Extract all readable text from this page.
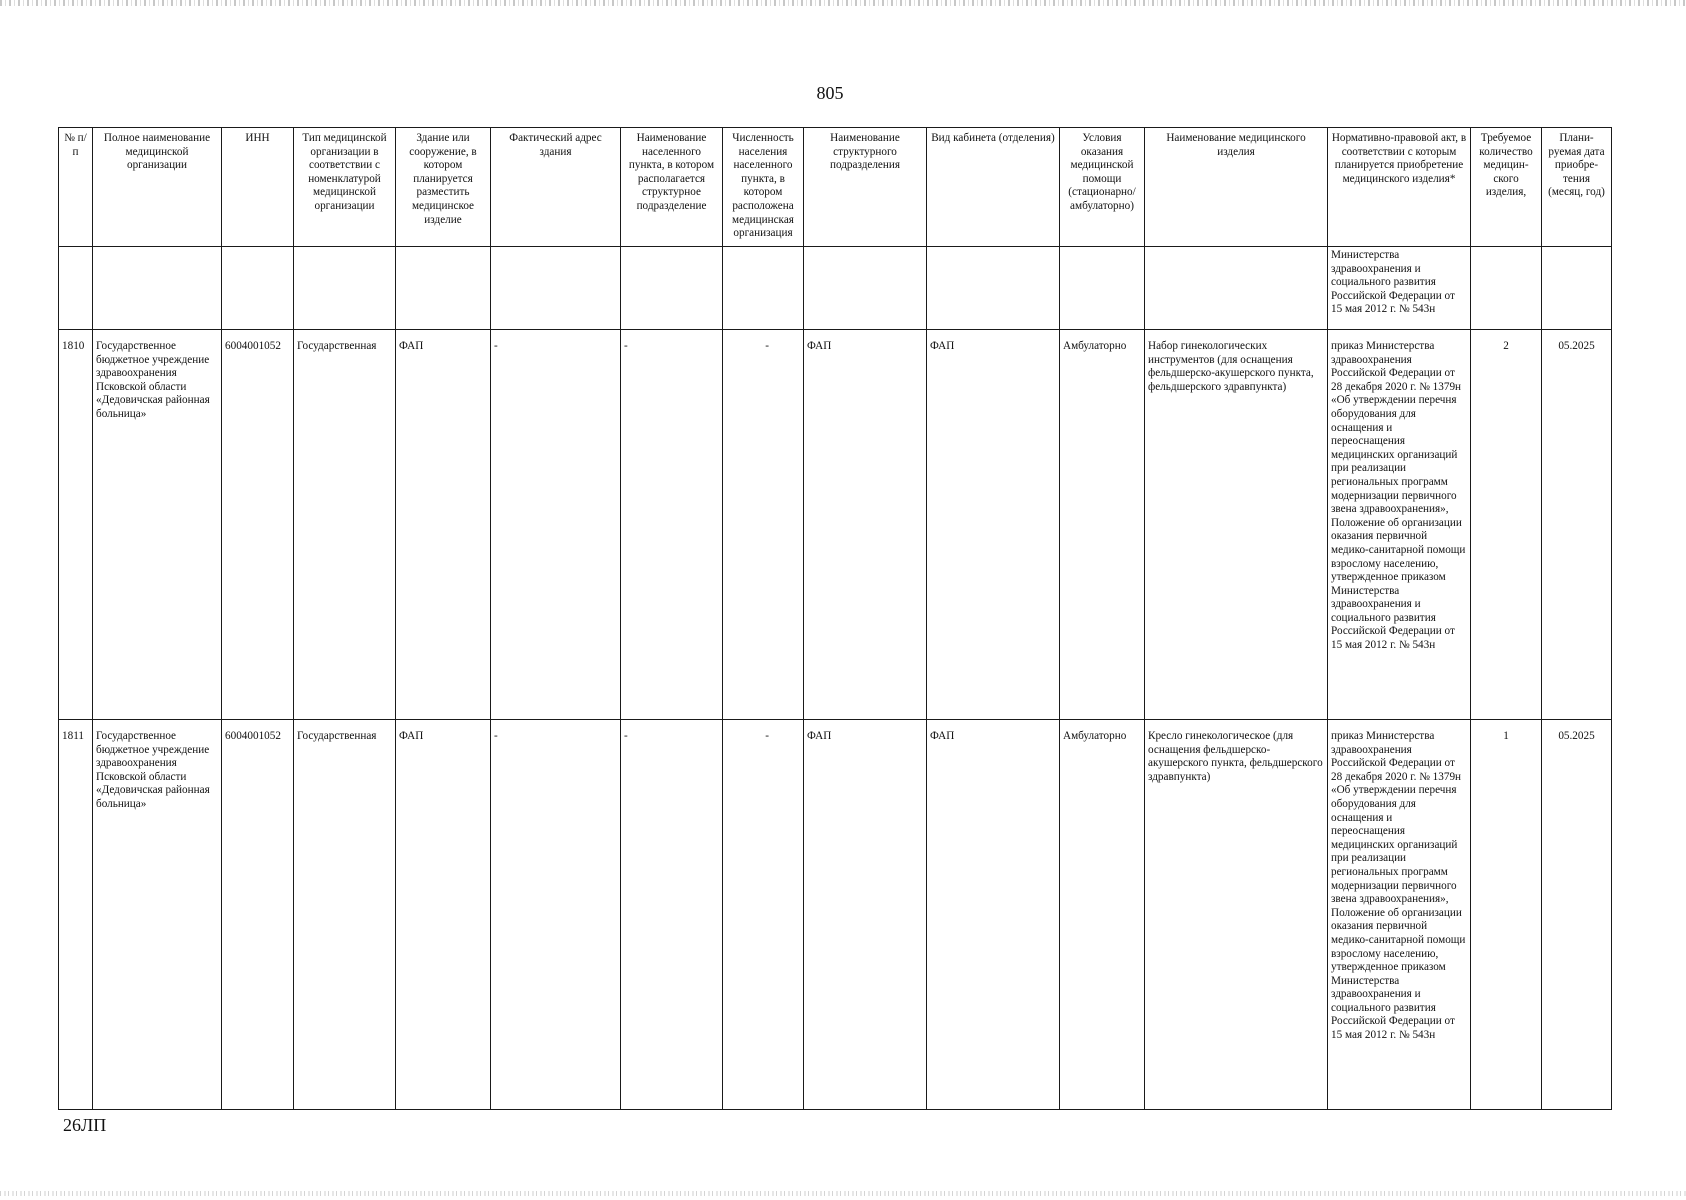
805
№ п/п	Полное наименование медицинской организации	ИНН	Тип медицинской организации в соответствии с номенклатурой медицинской организации	Здание или сооружение, в котором планируется разместить медицинское изделие	Фактический адрес здания	Наименование населенного пункта, в котором располагается структурное подразделение	Численность населения населенного пункта, в котором расположена медицинская организация	Наименование структурного подразделения	Вид кабинета (отделения)	Условия оказания медицинской помощи (стационарно/ амбулаторно)	Наименование медицинского изделия	Нормативно-правовой акт, в соответствии с которым планируется приобретение медицинского изделия*	Требуемое количество медицин-ского изделия,	Плани-руемая дата приобре-тения (месяц, год)
												Министерства здравоохранения и социального развития Российской Федерации от 15 мая 2012 г. № 543н		
1810	Государственное бюджетное учреждение здравоохранения Псковской области «Дедовичская районная больница»	6004001052	Государственная	ФАП	-	-	-	ФАП	ФАП	Амбулаторно	Набор гинекологических инструментов (для оснащения фельдшерско-акушерского пункта, фельдшерского здравпункта)	приказ Министерства здравоохранения Российской Федерации от 28 декабря 2020 г. № 1379н «Об утверждении перечня оборудования для оснащения и переоснащения медицинских организаций при реализации региональных программ модернизации первичного звена здравоохранения», Положение об организации оказания первичной медико-санитарной помощи взрослому населению, утвержденное приказом Министерства здравоохранения и социального развития Российской Федерации от 15 мая 2012 г. № 543н	2	05.2025
1811	Государственное бюджетное учреждение здравоохранения Псковской области «Дедовичская районная больница»	6004001052	Государственная	ФАП	-	-	-	ФАП	ФАП	Амбулаторно	Кресло гинекологическое (для оснащения фельдшерско-акушерского пункта, фельдшерского здравпункта)	приказ Министерства здравоохранения Российской Федерации от 28 декабря 2020 г. № 1379н «Об утверждении перечня оборудования для оснащения и переоснащения медицинских организаций при реализации региональных программ модернизации первичного звена здравоохранения», Положение об организации оказания первичной медико-санитарной помощи взрослому населению, утвержденное приказом Министерства здравоохранения и социального развития Российской Федерации от 15 мая 2012 г. № 543н	1	05.2025
26ЛП
